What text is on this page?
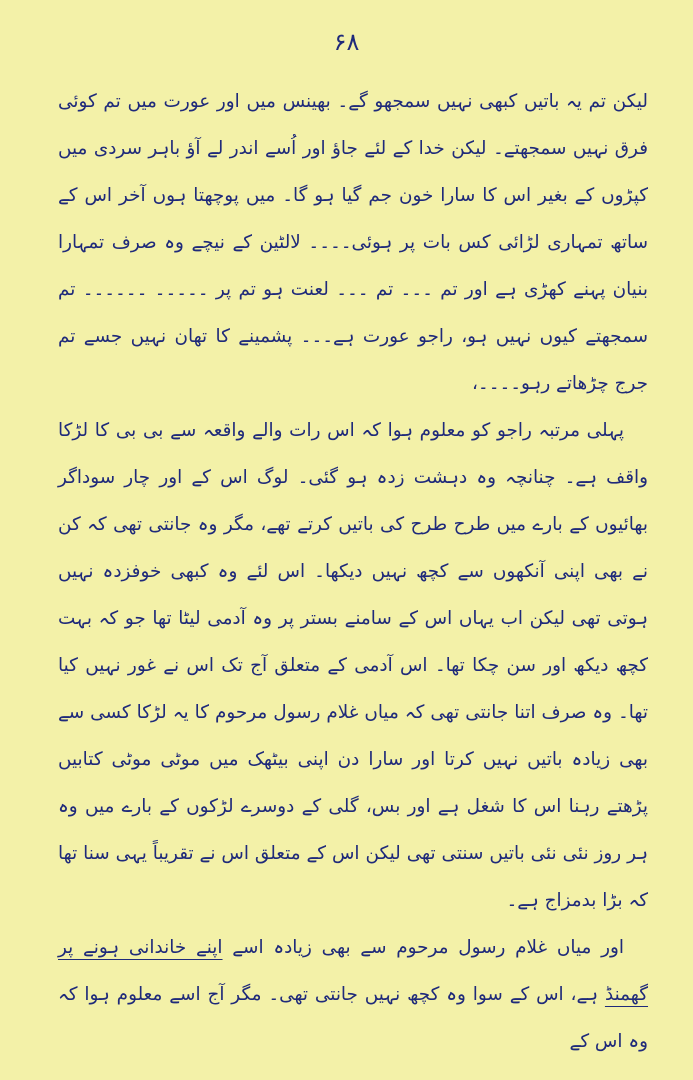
۶۸

لیکن تم یہ باتیں کبھی نہیں سمجھو گے۔ بھینس میں اور عورت میں تم کوئی فرق نہیں سمجھتے۔ لیکن خدا کے لئے جاؤ اور اُسے اندر لے آؤ باہر سردی میں کپڑوں کے بغیر اس کا سارا خون جم گیا ہو گا۔ میں پوچھتا ہوں آخر اس کے ساتھ تمہاری لڑائی کس بات پر ہوئی۔۔۔۔ لالٹین کے نیچے وہ صرف تمہارا بنیان پہنے کھڑی ہے اور تم ۔۔۔ تم ۔۔۔ لعنت ہو تم پر ۔۔۔۔۔ ۔۔۔۔۔۔ تم سمجھتے کیوں نہیں ہو، راجو عورت ہے۔۔۔ پشمینے کا تھان نہیں جسے تم جرج چڑھاتے رہو۔۔۔۔،

پہلی مرتبہ راجو کو معلوم ہوا کہ اس رات والے واقعہ سے بی بی کا لڑکا واقف ہے۔ چنانچہ وہ دہشت زدہ ہو گئی۔ لوگ اس کے اور چار سوداگر بھائیوں کے بارے میں طرح طرح کی باتیں کرتے تھے، مگر وہ جانتی تھی کہ کن نے بھی اپنی آنکھوں سے کچھ نہیں دیکھا۔ اس لئے وہ کبھی خوفزدہ نہیں ہوتی تھی لیکن اب یہاں اس کے سامنے بستر پر وہ آدمی لیٹا تھا جو کہ بہت کچھ دیکھ اور سن چکا تھا۔ اس آدمی کے متعلق آج تک اس نے غور نہیں کیا تھا۔ وہ صرف اتنا جانتی تھی کہ میاں غلام رسول مرحوم کا یہ لڑکا کسی سے بھی زیادہ باتیں نہیں کرتا اور سارا دن اپنی بیٹھک میں موٹی موٹی کتابیں پڑھتے رہنا اس کا شغل ہے اور بس، گلی کے دوسرے لڑکوں کے بارے میں وہ ہر روز نئی نئی باتیں سنتی تھی لیکن اس کے متعلق اس نے تقریباً یہی سنا تھا کہ بڑا بدمزاج ہے۔

اور میاں غلام رسول مرحوم سے بھی زیادہ اسے اپنے خاندانی ہونے پر گھمنڈ ہے، اس کے سوا وہ کچھ نہیں جانتی تھی۔ مگر آج اسے معلوم ہوا کہ وہ اس کے
